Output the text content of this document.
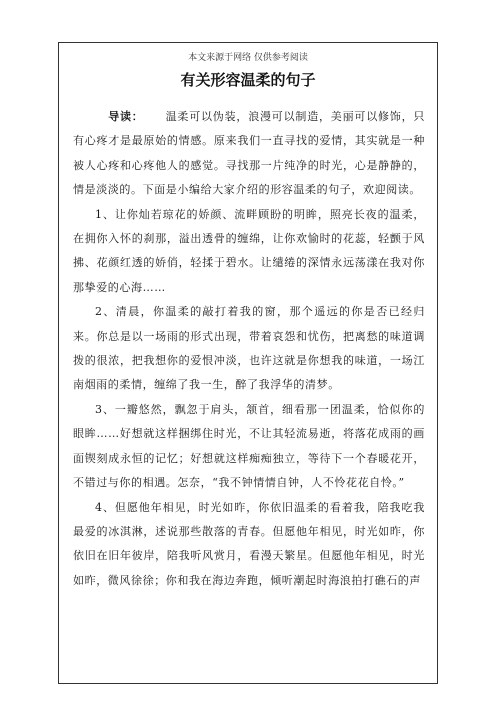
本文来源于网络 仅供参考阅读
有关形容温柔的句子

导读： 温柔可以伪装，浪漫可以制造，美丽可以修饰，只有心疼才是最原始的情感。原来我们一直寻找的爱情，其实就是一种被人心疼和心疼他人的感觉。寻找那一片纯净的时光，心是静静的，情是淡淡的。下面是小编给大家介绍的形容温柔的句子，欢迎阅读。

1、让你灿若琼花的娇颜、流畔顾盼的明眸，照亮长夜的温柔，在拥你入怀的刹那，溢出透骨的缠绵，让你欢愉时的花蕊，轻颤于风拂、花颜红透的娇俏，轻揉于碧水。让缱绻的深情永远荡漾在我对你那挚爱的心海……

2、清晨，你温柔的敲打着我的窗，那个遥远的你是否已经归来。你总是以一场雨的形式出现，带着哀怨和忧伤，把离愁的味道调拨的很浓，把我想你的爱恨冲淡，也许这就是你想我的味道，一场江南烟雨的柔情，缠绵了我一生，醉了我浮华的清梦。

3、一瓣悠然，飘忽于肩头，颔首，细看那一团温柔，恰似你的眼眸……好想就这样捆绑住时光，不让其轻流易逝，将落花成雨的画面锲刻成永恒的记忆；好想就这样痴痴独立，等待下一个春暖花开，不错过与你的相遇。怎奈，“我不钟情情自钟，人不怜花花自怜。”

4、但愿他年相见，时光如昨，你依旧温柔的看着我，陪我吃我最爱的冰淇淋，述说那些散落的青春。但愿他年相见，时光如昨，你依旧在旧年彼岸，陪我听风赏月，看漫天繁星。但愿他年相见，时光如昨，微风徐徐；你和我在海边奔跑，倾听潮起时海浪拍打礁石的声
